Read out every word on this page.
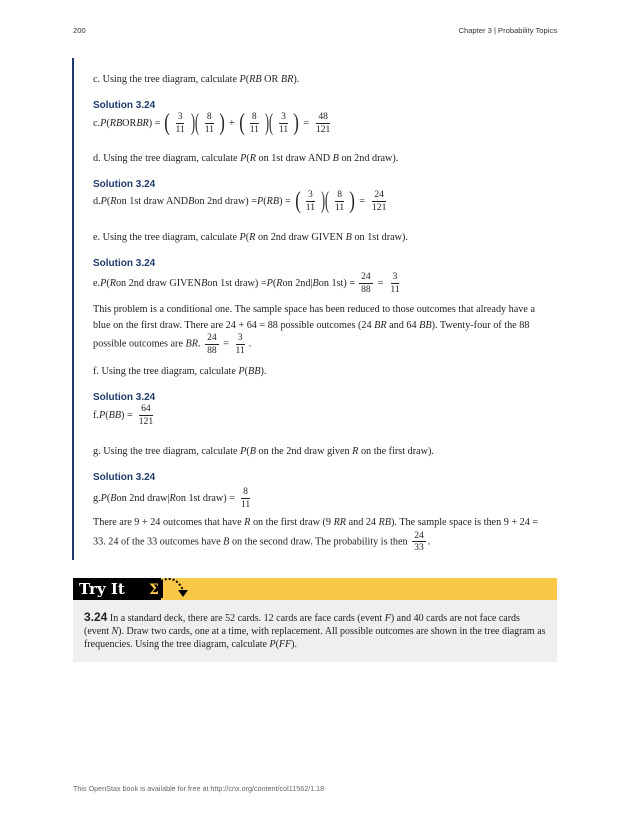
200	Chapter 3 | Probability Topics
c. Using the tree diagram, calculate P(RB OR BR).
Solution 3.24
c. P ( RB OR BR ) = ( $\frac{3}{11}$ )( $\frac{8}{11}$ ) + ( $\frac{8}{11}$ )( $\frac{3}{11}$ ) = $\frac{48}{121}$
d. Using the tree diagram, calculate P(R on 1st draw AND B on 2nd draw).
Solution 3.24
d. P ( R on 1st draw AND B on 2nd draw) = P ( RB ) = ( $\frac{3}{11}$ )( $\frac{8}{11}$ ) = $\frac{24}{121}$
e. Using the tree diagram, calculate P(R on 2nd draw GIVEN B on 1st draw).
Solution 3.24
e. P ( R on 2nd draw GIVEN B on 1st draw) = P ( R on 2nd| B on $1st) = \frac{24}{88} = \frac{3}{11}$
This problem is a conditional one. The sample space has been reduced to those outcomes that already have a blue on the first draw. There are 24 + 64 = 88 possible outcomes (24 BR and 64 BB). Twenty-four of the 88 possible outcomes are BR. $\frac{24}{88} = \frac{3}{11}$ .
f. Using the tree diagram, calculate P(BB).
Solution 3.24
f. P ( BB ) = $\frac{64}{121}$
g. Using the tree diagram, calculate P(B on the 2nd draw given R on the first draw).
Solution 3.24
g. P ( B on 2nd draw| R on 1st draw) = $\frac{8}{11}$
There are 9 + 24 outcomes that have R on the first draw (9 RR and 24 RB). The sample space is then 9 + 24 = 33. 24 of the 33 outcomes have B on the second draw. The probability is then $\frac{24}{33}$ .
Try It	Σ
3.24 In a standard deck, there are 52 cards. 12 cards are face cards (event F) and 40 cards are not face cards (event N). Draw two cards, one at a time, with replacement. All possible outcomes are shown in the tree diagram as frequencies. Using the tree diagram, calculate P(FF).
This OpenStax book is available for free at http://cnx.org/content/col11562/1.18
